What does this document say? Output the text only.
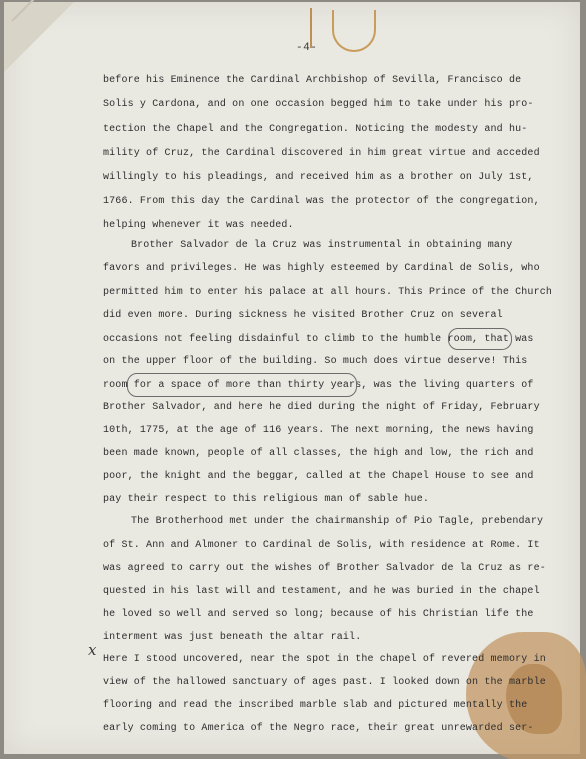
-4-
before his Eminence the Cardinal Archbishop of Sevilla, Francisco de
Solis y Cardona, and on one occasion begged him to take under his pro-
tection the Chapel and the Congregation. Noticing the modesty and hu-
mility of Cruz, the Cardinal discovered in him great virtue and acceded
willingly to his pleadings, and received him as a brother on July 1st,
1766. From this day the Cardinal was the protector of the congregation,
helping whenever it was needed.
Brother Salvador de la Cruz was instrumental in obtaining many
favors and privileges. He was highly esteemed by Cardinal de Solis, who
permitted him to enter his palace at all hours. This Prince of the Church
did even more. During sickness he visited Brother Cruz on several
occasions not feeling disdainful to climb to the humble room, that was
on the upper floor of the building. So much does virtue deserve! This
room for a space of more than thirty years, was the living quarters of
Brother Salvador, and here he died during the night of Friday, February
10th, 1775, at the age of 116 years. The next morning, the news having
been made known, people of all classes, the high and low, the rich and
poor, the knight and the beggar, called at the Chapel House to see and
pay their respect to this religious man of sable hue.
The Brotherhood met under the chairmanship of Pio Tagle, prebendary
of St. Ann and Almoner to Cardinal de Solis, with residence at Rome. It
was agreed to carry out the wishes of Brother Salvador de la Cruz as re-
quested in his last will and testament, and he was buried in the chapel
he loved so well and served so long; because of his Christian life the
interment was just beneath the altar rail.
Here I stood uncovered, near the spot in the chapel of revered memory in
view of the hallowed sanctuary of ages past. I looked down on the marble
flooring and read the inscribed marble slab and pictured mentally the
early coming to America of the Negro race, their great unrewarded ser-
x
